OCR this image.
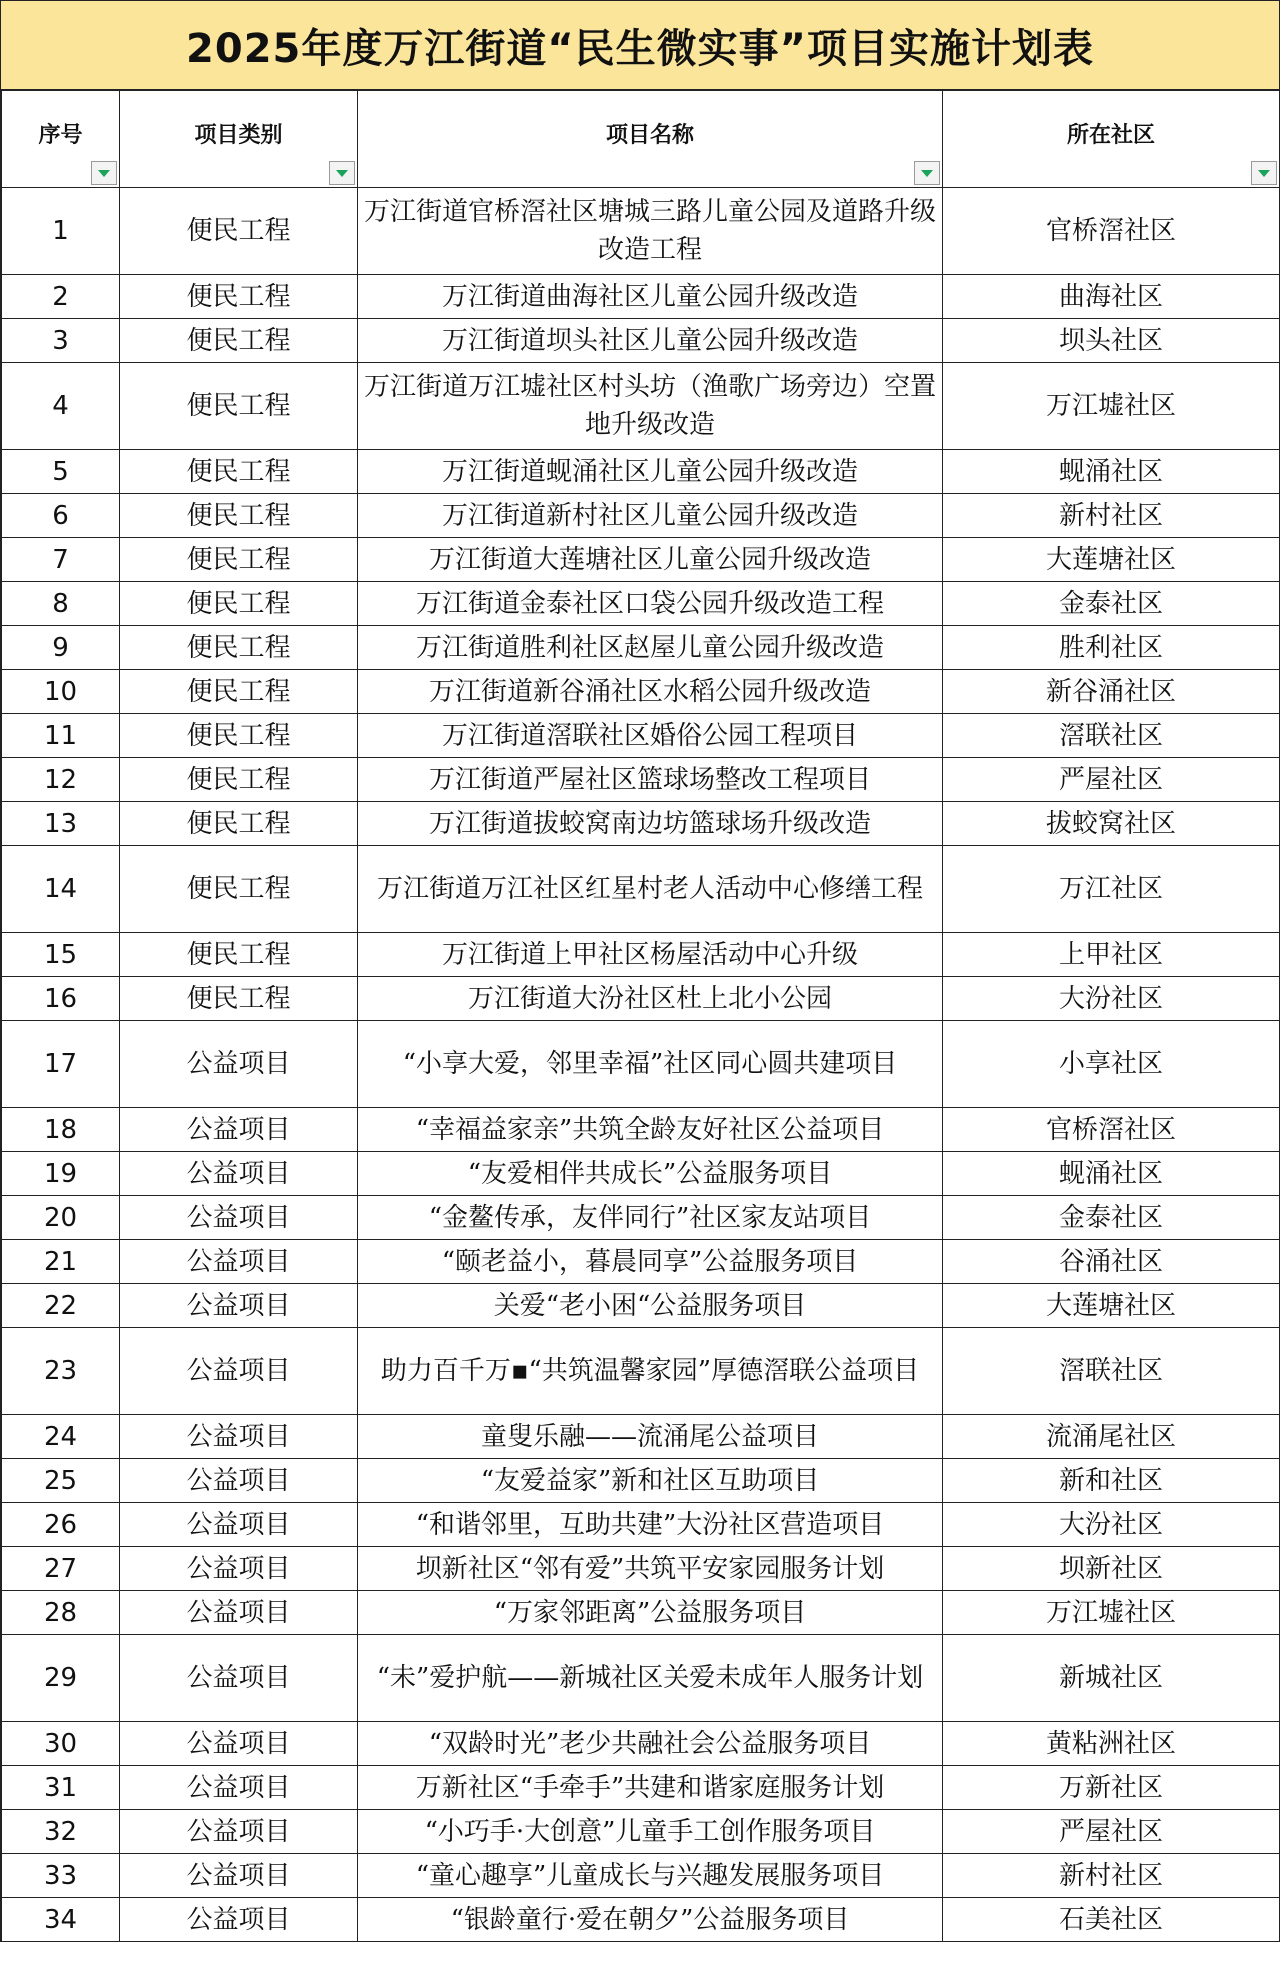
2025年度万江街道“民生微实事”项目实施计划表
序号	项目类别	项目名称	所在社区

1	便民工程	万江街道官桥滘社区塘城三路儿童公园及道路升级改造工程	官桥滘社区
2	便民工程	万江街道曲海社区儿童公园升级改造	曲海社区
3	便民工程	万江街道坝头社区儿童公园升级改造	坝头社区
4	便民工程	万江街道万江墟社区村头坊（渔歌广场旁边）空置地升级改造	万江墟社区
5	便民工程	万江街道蚬涌社区儿童公园升级改造	蚬涌社区
6	便民工程	万江街道新村社区儿童公园升级改造	新村社区
7	便民工程	万江街道大莲塘社区儿童公园升级改造	大莲塘社区
8	便民工程	万江街道金泰社区口袋公园升级改造工程	金泰社区
9	便民工程	万江街道胜利社区赵屋儿童公园升级改造	胜利社区
10	便民工程	万江街道新谷涌社区水稻公园升级改造	新谷涌社区
11	便民工程	万江街道滘联社区婚俗公园工程项目	滘联社区
12	便民工程	万江街道严屋社区篮球场整改工程项目	严屋社区
13	便民工程	万江街道拔蛟窝南边坊篮球场升级改造	拔蛟窝社区
14	便民工程	万江街道万江社区红星村老人活动中心修缮工程	万江社区
15	便民工程	万江街道上甲社区杨屋活动中心升级	上甲社区
16	便民工程	万江街道大汾社区杜上北小公园	大汾社区
17	公益项目	“小享大爱，邻里幸福”社区同心圆共建项目	小享社区
18	公益项目	“幸福益家亲”共筑全龄友好社区公益项目	官桥滘社区
19	公益项目	“友爱相伴共成长”公益服务项目	蚬涌社区
20	公益项目	“金鳌传承，友伴同行”社区家友站项目	金泰社区
21	公益项目	“颐老益小，暮晨同享”公益服务项目	谷涌社区
22	公益项目	关爱“老小困“公益服务项目	大莲塘社区
23	公益项目	助力百千万▪“共筑温馨家园”厚德滘联公益项目	滘联社区
24	公益项目	童叟乐融——流涌尾公益项目	流涌尾社区
25	公益项目	“友爱益家”新和社区互助项目	新和社区
26	公益项目	“和谐邻里，互助共建”大汾社区营造项目	大汾社区
27	公益项目	坝新社区“邻有爱”共筑平安家园服务计划	坝新社区
28	公益项目	“万家邻距离”公益服务项目	万江墟社区
29	公益项目	“未”爱护航——新城社区关爱未成年人服务计划	新城社区
30	公益项目	“双龄时光”老少共融社会公益服务项目	黄粘洲社区
31	公益项目	万新社区“手牵手”共建和谐家庭服务计划	万新社区
32	公益项目	“小巧手·大创意”儿童手工创作服务项目	严屋社区
33	公益项目	“童心趣享”儿童成长与兴趣发展服务项目	新村社区
34	公益项目	“银龄童行·爱在朝夕”公益服务项目	石美社区
